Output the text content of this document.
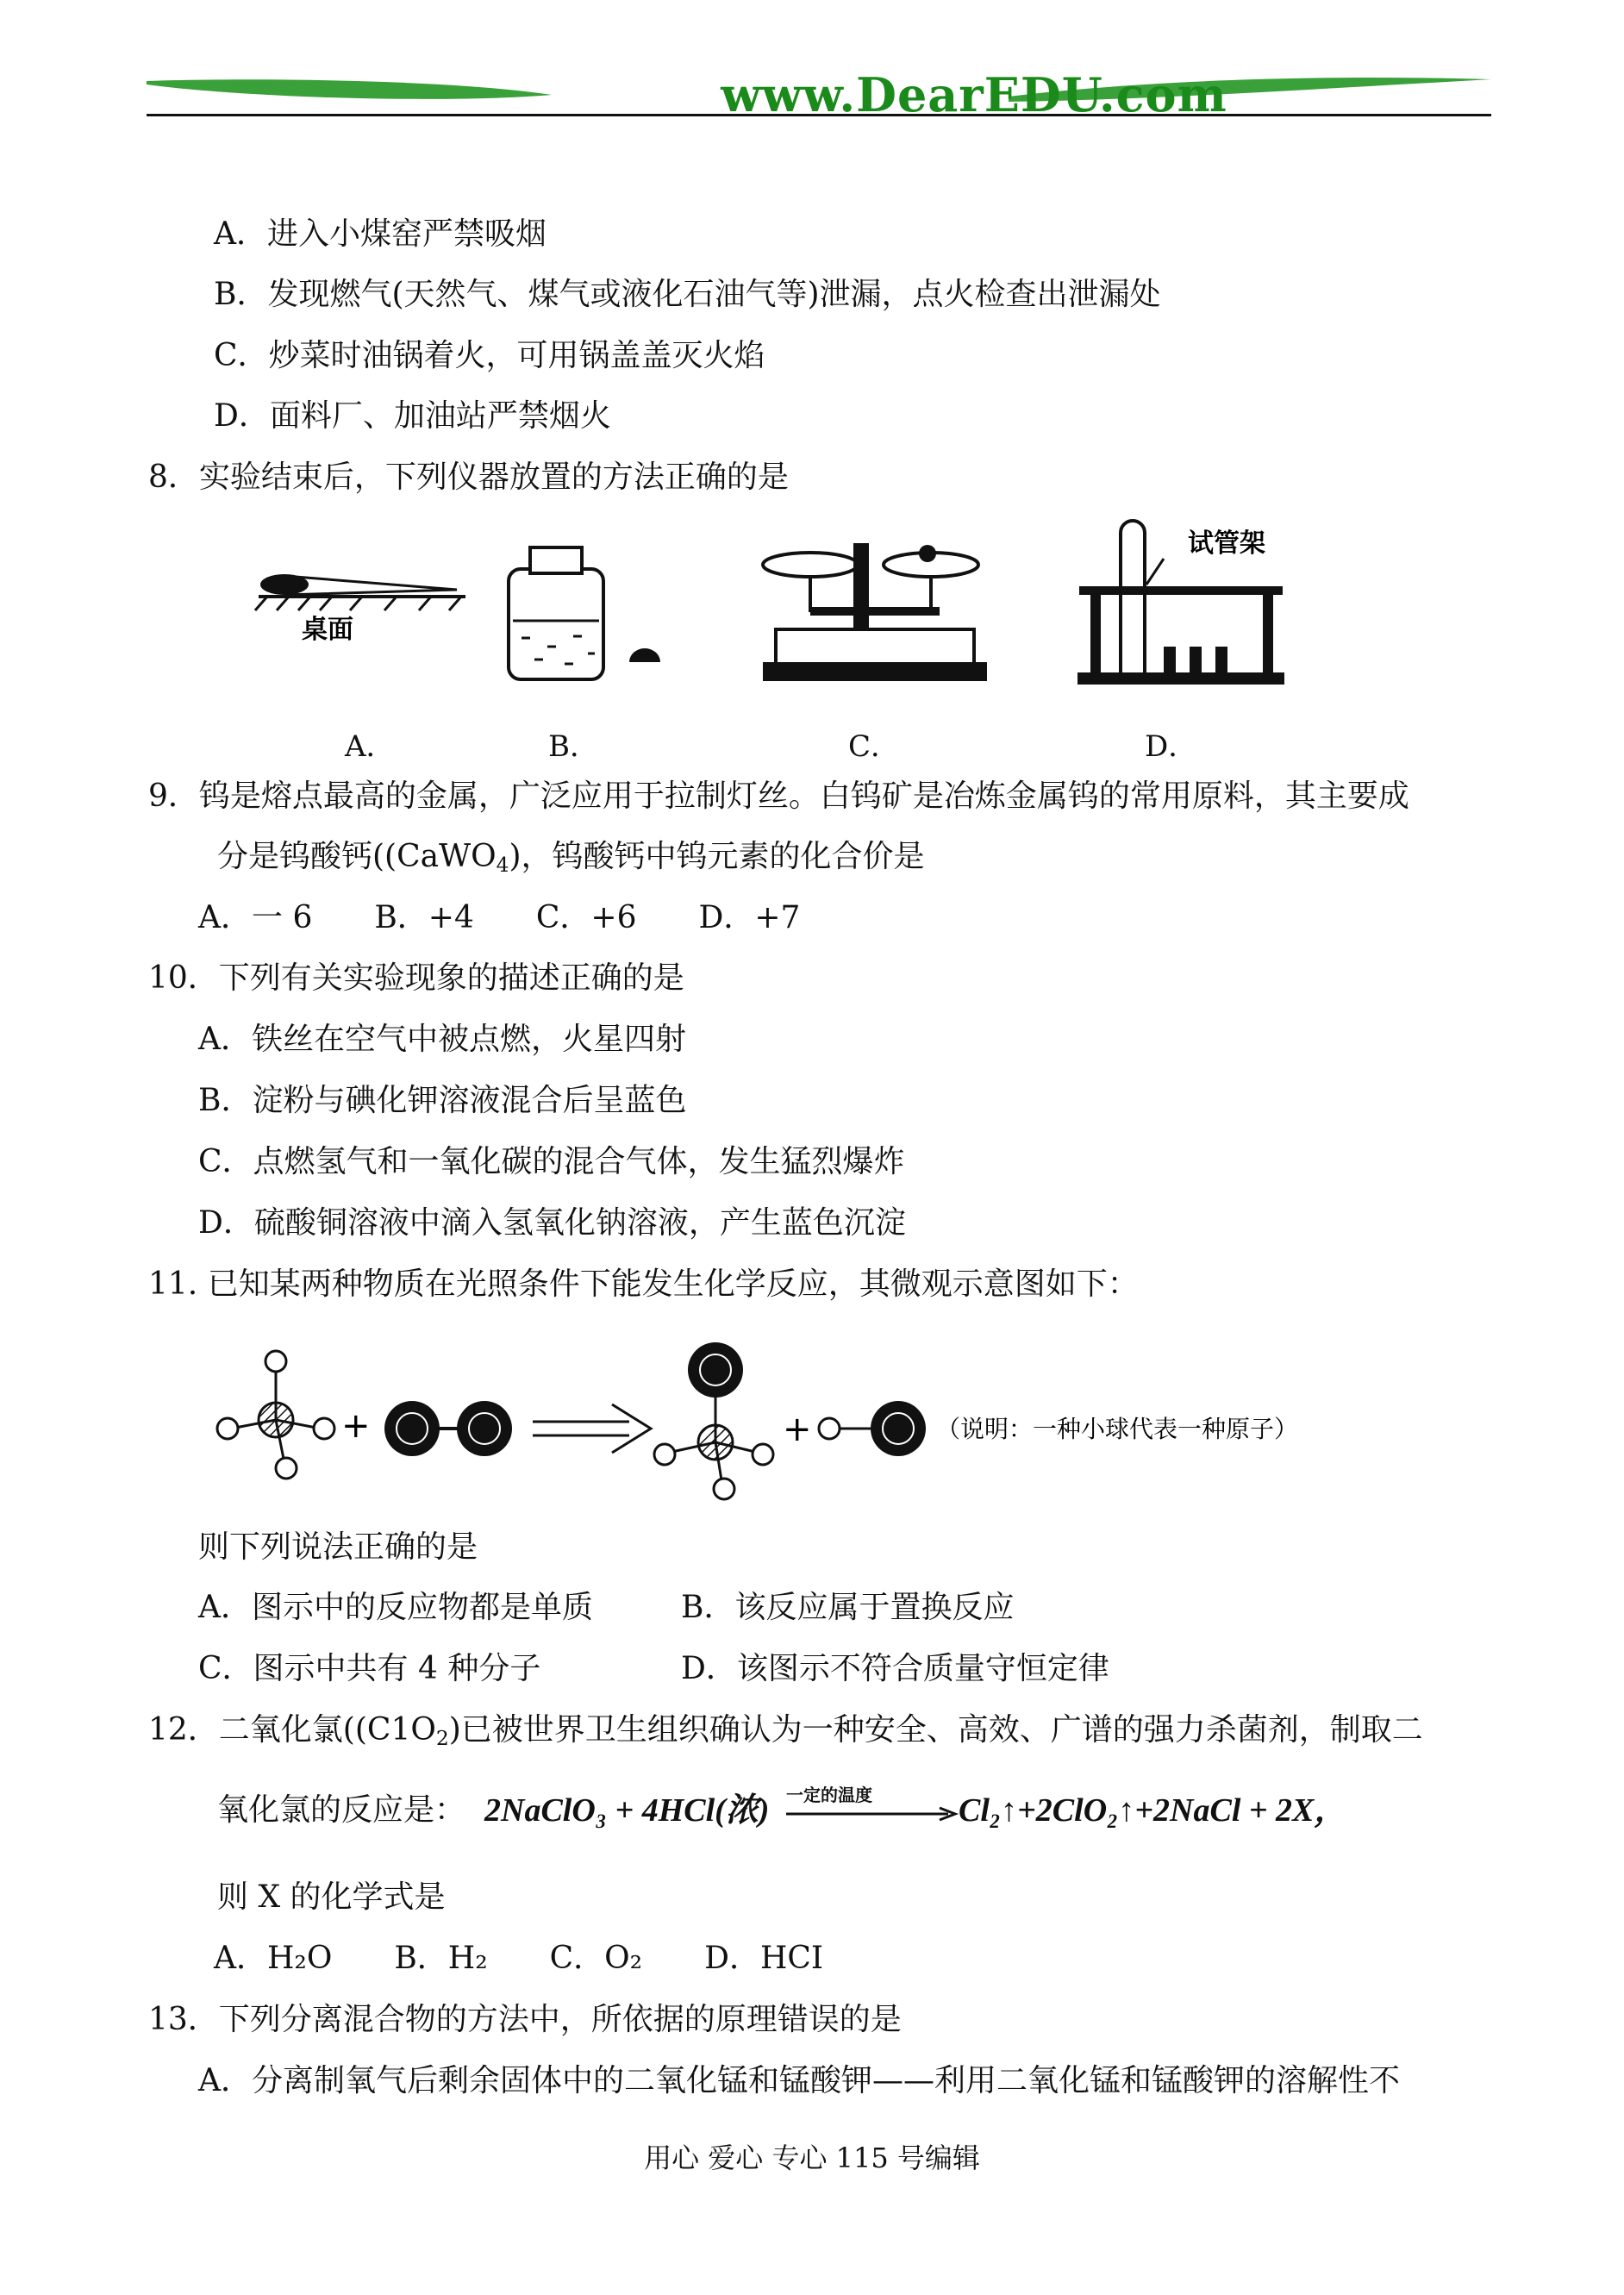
www.DearEDU.com
A．进入小煤窑严禁吸烟
B．发现燃气(天然气、煤气或液化石油气等)泄漏，点火检查出泄漏处
C．炒菜时油锅着火，可用锅盖盖灭火焰
D．面料厂、加油站严禁烟火
8．实验结束后，下列仪器放置的方法正确的是
桌面
试管架
A．	B．	C．	D．
9．钨是熔点最高的金属，广泛应用于拉制灯丝。白钨矿是冶炼金属钨的常用原料，其主要成
分是钨酸钙((CaWO$_4$)，钨酸钙中钨元素的化合价是
A．一 6　　B．+4　　C．+6　　D．+7
10．下列有关实验现象的描述正确的是
A．铁丝在空气中被点燃，火星四射
B．淀粉与碘化钾溶液混合后呈蓝色
C．点燃氢气和一氧化碳的混合气体，发生猛烈爆炸
D．硫酸铜溶液中滴入氢氧化钠溶液，产生蓝色沉淀
11. 已知某两种物质在光照条件下能发生化学反应，其微观示意图如下：
+	+	（说明：一种小球代表一种原子）
则下列说法正确的是
A．图示中的反应物都是单质	B．该反应属于置换反应
C．图示中共有 4 种分子	D．该图示不符合质量守恒定律
12．二氧化氯($(C1O_2)$已被世界卫生组织确认为一种安全、高效、广谱的强力杀菌剂，制取二
氧化氯的反应是： 2NaClO₃ + 4HCl(浓) 一定的温度	Cl₂↑+2ClO₂↑+2NaCl + 2X，
则 X 的化学式是
A．H₂O　　B．H₂　　C．O₂　　D．HCI
13．下列分离混合物的方法中，所依据的原理错误的是
A．分离制氧气后剩余固体中的二氧化锰和锰酸钾——利用二氧化锰和锰酸钾的溶解性不
用心 爱心 专心 115 号编辑
